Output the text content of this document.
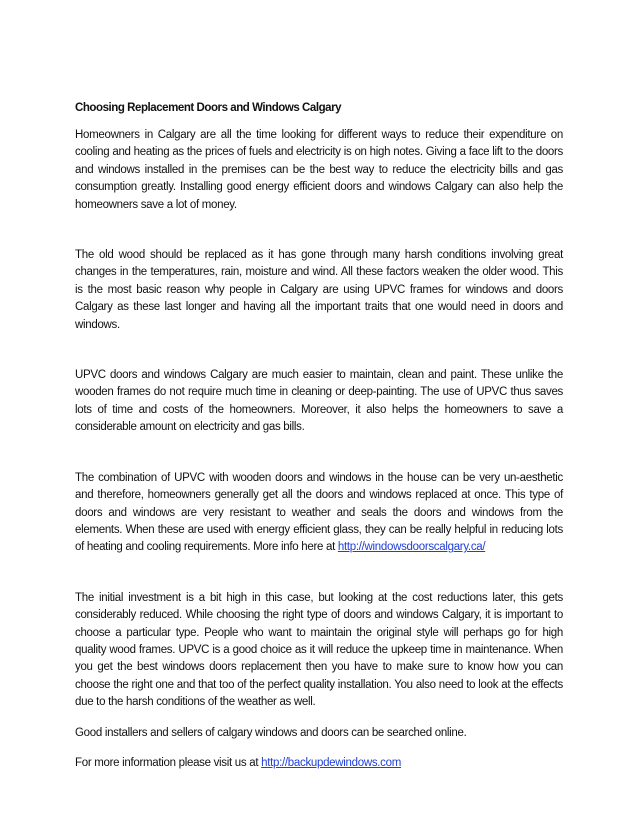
Choosing Replacement Doors and Windows Calgary

Homeowners in Calgary are all the time looking for different ways to reduce their expenditure on cooling and heating as the prices of fuels and electricity is on high notes. Giving a face lift to the doors and windows installed in the premises can be the best way to reduce the electricity bills and gas consumption greatly. Installing good energy efficient doors and windows Calgary can also help the homeowners save a lot of money.

The old wood should be replaced as it has gone through many harsh conditions involving great changes in the temperatures, rain, moisture and wind. All these factors weaken the older wood. This is the most basic reason why people in Calgary are using UPVC frames for windows and doors Calgary as these last longer and having all the important traits that one would need in doors and windows.

UPVC doors and windows Calgary are much easier to maintain, clean and paint. These unlike the wooden frames do not require much time in cleaning or deep-painting. The use of UPVC thus saves lots of time and costs of the homeowners. Moreover, it also helps the homeowners to save a considerable amount on electricity and gas bills.

The combination of UPVC with wooden doors and windows in the house can be very un-aesthetic and therefore, homeowners generally get all the doors and windows replaced at once. This type of doors and windows are very resistant to weather and seals the doors and windows from the elements. When these are used with energy efficient glass, they can be really helpful in reducing lots of heating and cooling requirements. More info here at http://windowsdoorscalgary.ca/

The initial investment is a bit high in this case, but looking at the cost reductions later, this gets considerably reduced. While choosing the right type of doors and windows Calgary, it is important to choose a particular type. People who want to maintain the original style will perhaps go for high quality wood frames. UPVC is a good choice as it will reduce the upkeep time in maintenance. When you get the best windows doors replacement then you have to make sure to know how you can choose the right one and that too of the perfect quality installation. You also need to look at the effects due to the harsh conditions of the weather as well.

Good installers and sellers of calgary windows and doors can be searched online.

For more information please visit us at http://backupdewindows.com
